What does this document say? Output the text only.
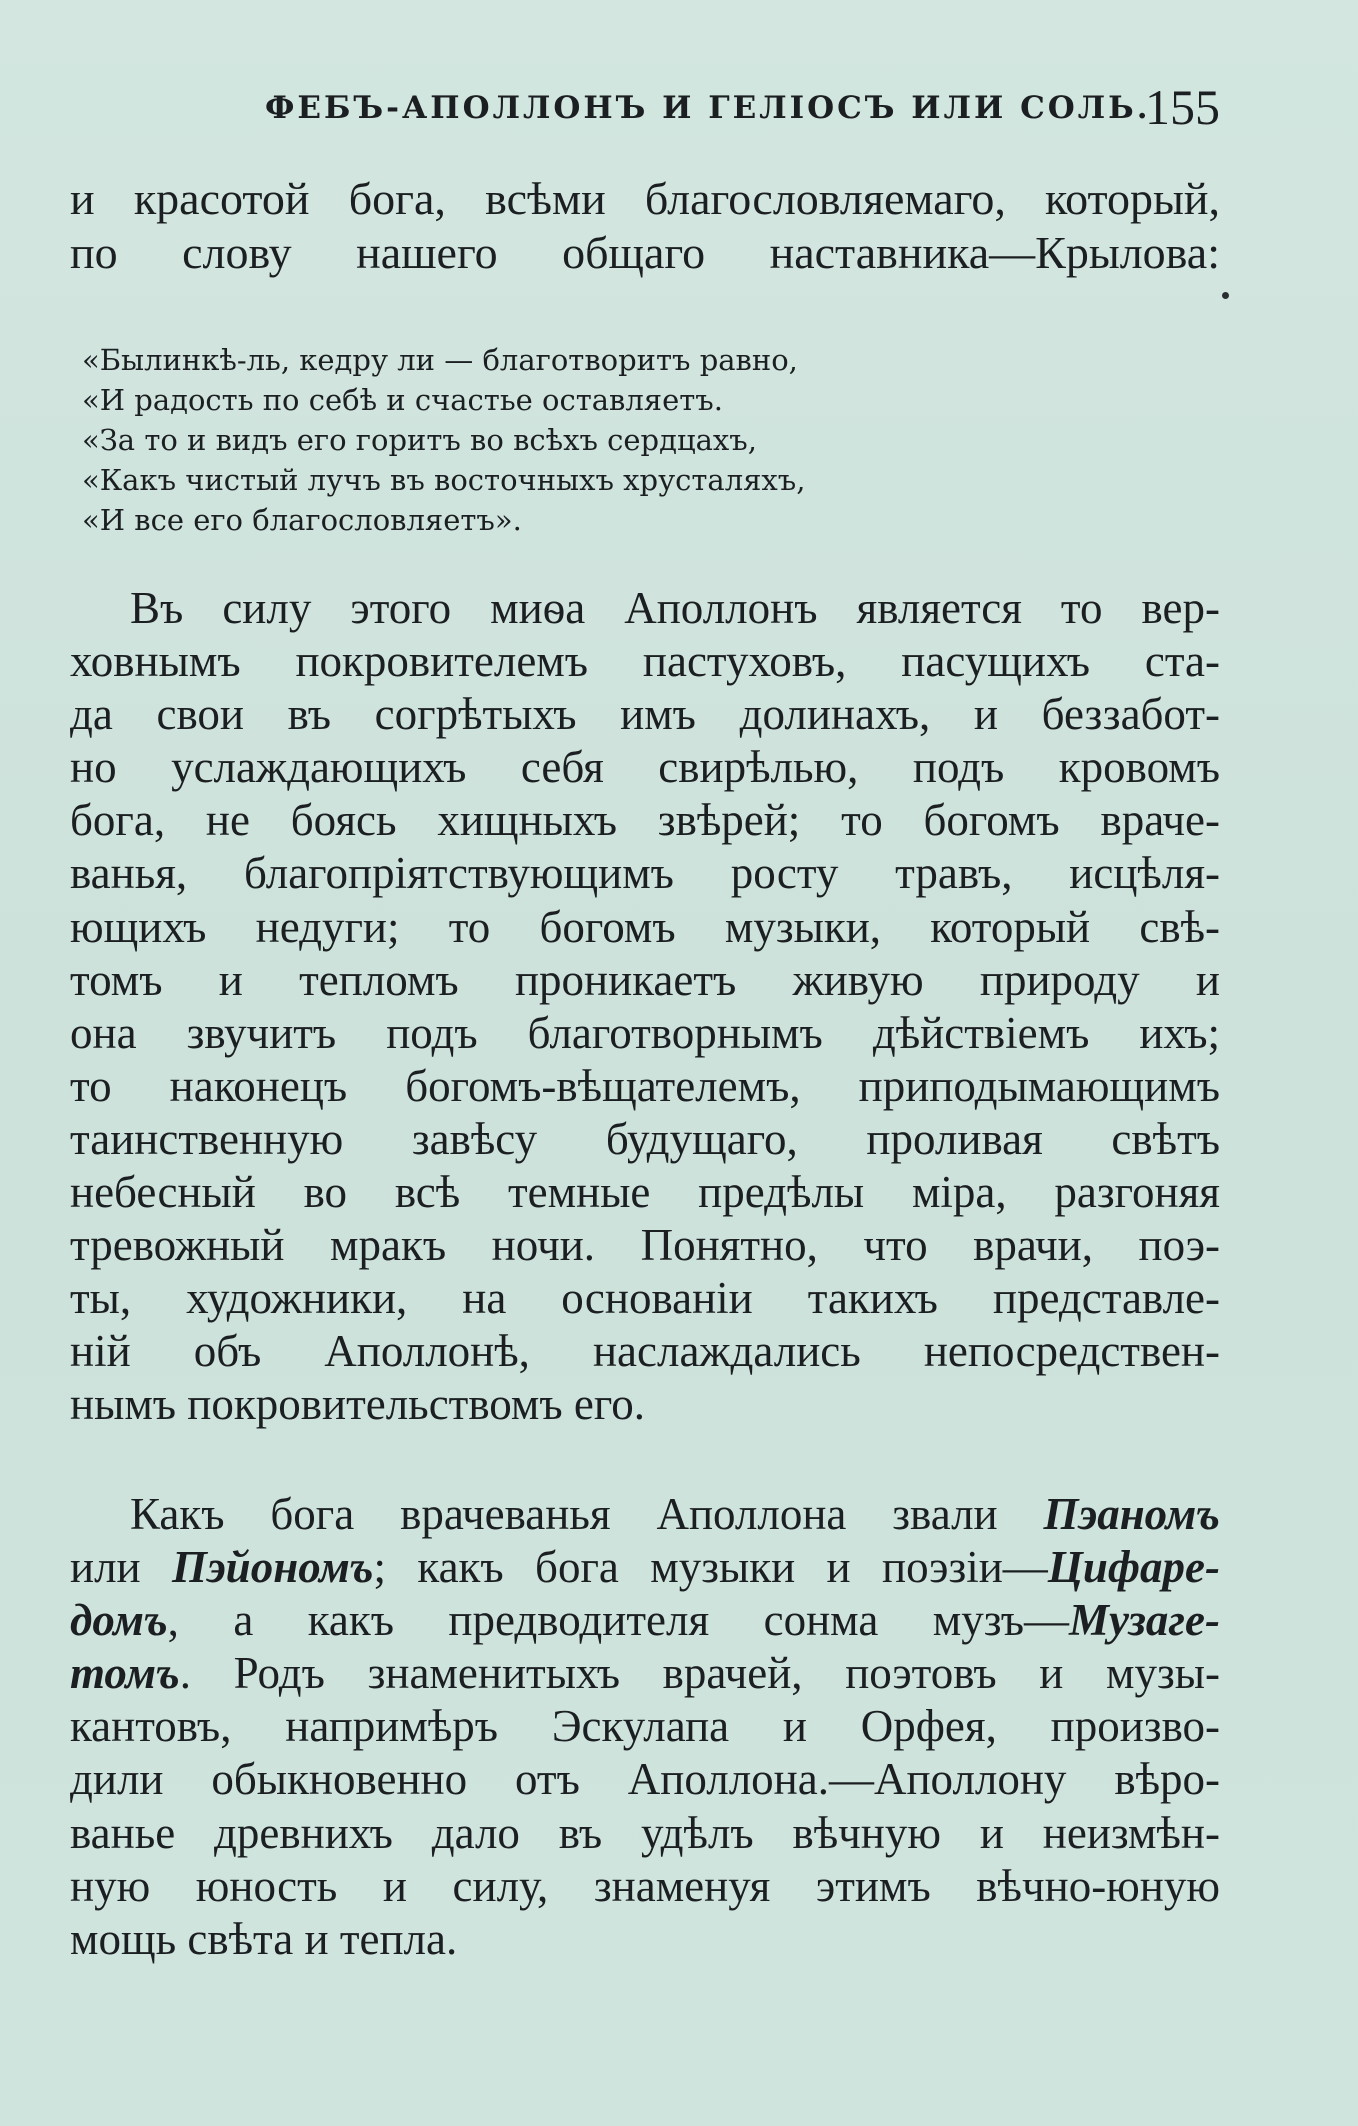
ФЕБЪ-АПОЛЛОНЪ И ГЕЛІОСЪ ИЛИ СОЛЬ.
155
и красотой бога, всѣми благословляемаго, который,
по слову нашего общаго наставника—Крылова:
«Былинкѣ-ль, кедру ли — благотворитъ равно,
«И радость по себѣ и счастье оставляетъ.
«За то и видъ его горитъ во всѣхъ сердцахъ,
«Какъ чистый лучъ въ восточныхъ хрусталяхъ,
«И все его благословляетъ».
Въ силу этого миѳа Аполлонъ является то вер-
ховнымъ покровителемъ пастуховъ, пасущихъ ста-
да свои въ согрѣтыхъ имъ долинахъ, и беззабот-
но услаждающихъ себя свирѣлью, подъ кровомъ
бога, не боясь хищныхъ звѣрей; то богомъ враче-
ванья, благопріятствующимъ росту травъ, исцѣля-
ющихъ недуги; то богомъ музыки, который свѣ-
томъ и тепломъ проникаетъ живую природу и
она звучитъ подъ благотворнымъ дѣйствіемъ ихъ;
то наконецъ богомъ-вѣщателемъ, приподымающимъ
таинственную завѣсу будущаго, проливая свѣтъ
небесный во всѣ темные предѣлы міра, разгоняя
тревожный мракъ ночи. Понятно, что врачи, поэ-
ты, художники, на основаніи такихъ представле-
ній объ Аполлонѣ, наслаждались непосредствен-
нымъ покровительствомъ его.
Какъ бога врачеванья Аполлона звали Пэаномъ
или Пэйономъ; какъ бога музыки и поэзіи—Цифаре-
домъ, а какъ предводителя сонма музъ—Музаге-
томъ. Родъ знаменитыхъ врачей, поэтовъ и музы-
кантовъ, напримѣръ Эскулапа и Орфея, произво-
дили обыкновенно отъ Аполлона.—Аполлону вѣро-
ванье древнихъ дало въ удѣлъ вѣчную и неизмѣн-
ную юность и силу, знаменуя этимъ вѣчно-юную
мощь свѣта и тепла.
